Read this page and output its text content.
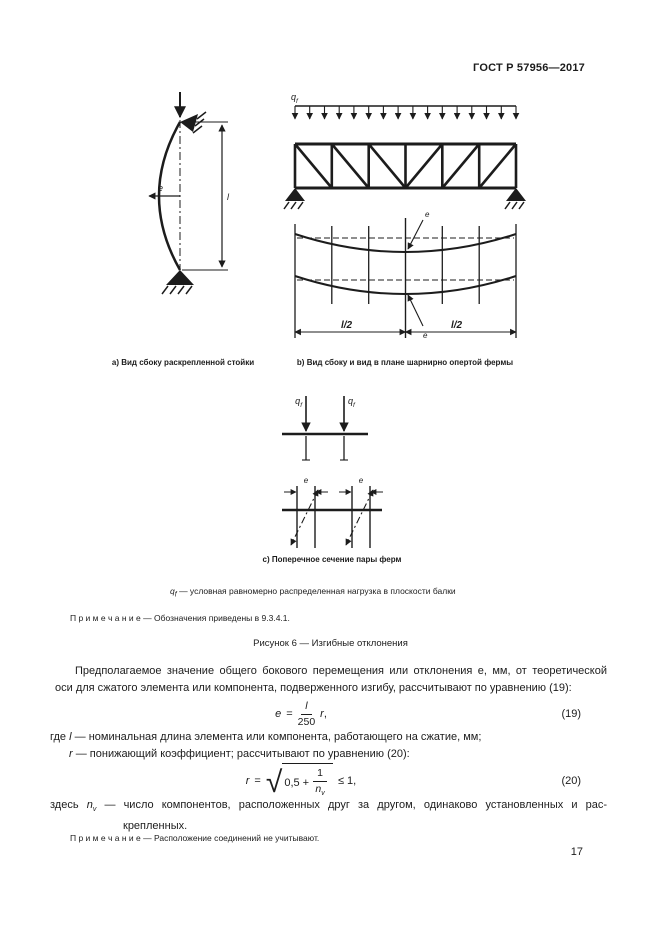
ГОСТ Р 57956—2017
e
l
$q_f$
e
e
l/2	l/2
а) Вид сбоку раскрепленной стойки	b) Вид сбоку и вид в плане шарнирно опертой фермы
$q_f$	$q_f$
e	e
с) Поперечное сечение пары ферм
$q_f$ — условная равномерно распределенная нагрузка в плоскости балки
П р и м е ч а н и е — Обозначения приведены в 9.3.4.1.
Рисунок 6 — Изгибные отклонения
Предполагаемое значение общего бокового перемещения или отклонения е, мм, от теоретической
оси для сжатого элемента или компонента, подверженного изгибу, рассчитывают по уравнению (19):
$e = \frac{l}{250} r$,	(19)
где l — номинальная длина элемента или компонента, работающего на сжатие, мм;
r — понижающий коэффициент; рассчитывают по уравнению (20):
r = √ $0,5 + \frac{1}{n_v} \le 1$,	(20)
здесь $n_v$ — число компонентов, расположенных друг за другом, одинаково установленных и рас-
крепленных.
П р и м е ч а н и е — Расположение соединений не учитывают.
17
